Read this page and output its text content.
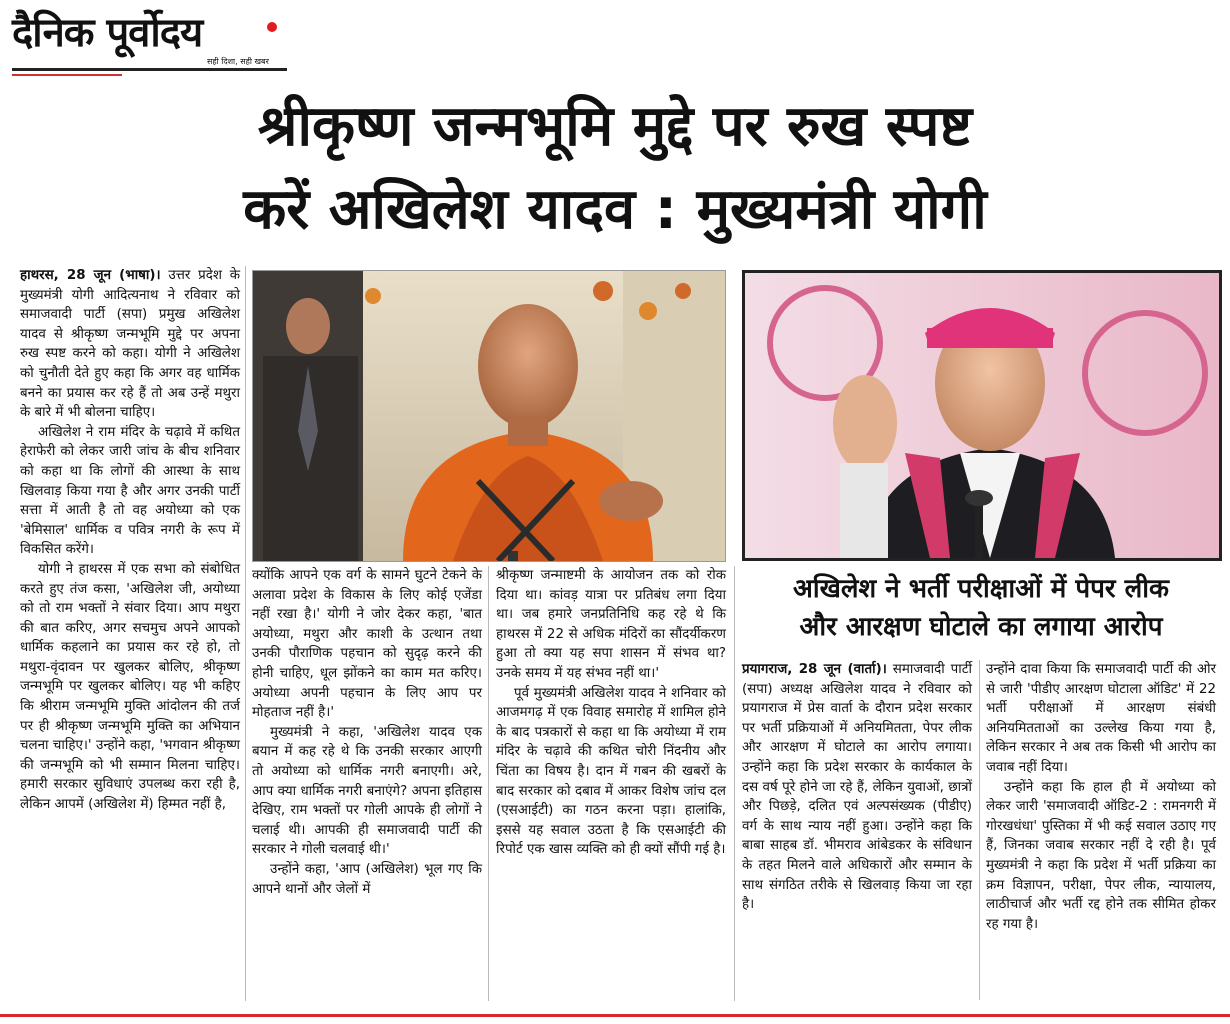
दैनिक पूर्वोदय
सही दिशा, सही खबर
श्रीकृष्ण जन्मभूमि मुद्दे पर रुख स्पष्ट
करें अखिलेश यादव : मुख्यमंत्री योगी

हाथरस, 28 जून (भाषा)। उत्तर प्रदेश के मुख्यमंत्री योगी आदित्यनाथ ने रविवार को समाजवादी पार्टी (सपा) प्रमुख अखिलेश यादव से श्रीकृष्ण जन्मभूमि मुद्दे पर अपना रुख स्पष्ट करने को कहा। योगी ने अखिलेश को चुनौती देते हुए कहा कि अगर वह धार्मिक बनने का प्रयास कर रहे हैं तो अब उन्हें मथुरा के बारे में भी बोलना चाहिए।

अखिलेश ने राम मंदिर के चढ़ावे में कथित हेराफेरी को लेकर जारी जांच के बीच शनिवार को कहा था कि लोगों की आस्था के साथ खिलवाड़ किया गया है और अगर उनकी पार्टी सत्ता में आती है तो वह अयोध्या को एक 'बेमिसाल' धार्मिक व पवित्र नगरी के रूप में विकसित करेंगे।

योगी ने हाथरस में एक सभा को संबोधित करते हुए तंज कसा, 'अखिलेश जी, अयोध्या को तो राम भक्तों ने संवार दिया। आप मथुरा की बात करिए, अगर सचमुच अपने आपको धार्मिक कहलाने का प्रयास कर रहे हो, तो मथुरा-वृंदावन पर खुलकर बोलिए, श्रीकृष्ण जन्मभूमि पर खुलकर बोलिए। यह भी कहिए कि श्रीराम जन्मभूमि मुक्ति आंदोलन की तर्ज पर ही श्रीकृष्ण जन्मभूमि मुक्ति का अभियान चलना चाहिए।' उन्होंने कहा, 'भगवान श्रीकृष्ण की जन्मभूमि को भी सम्मान मिलना चाहिए। हमारी सरकार सुविधाएं उपलब्ध करा रही है, लेकिन आपमें (अखिलेश में) हिम्मत नहीं है,

क्योंकि आपने एक वर्ग के सामने घुटने टेकने के अलावा प्रदेश के विकास के लिए कोई एजेंडा नहीं रखा है।' योगी ने जोर देकर कहा, 'बात अयोध्या, मथुरा और काशी के उत्थान तथा उनकी पौराणिक पहचान को सुदृढ़ करने की होनी चाहिए, धूल झोंकने का काम मत करिए। अयोध्या अपनी पहचान के लिए आप पर मोहताज नहीं है।'

मुख्यमंत्री ने कहा, 'अखिलेश यादव एक बयान में कह रहे थे कि उनकी सरकार आएगी तो अयोध्या को धार्मिक नगरी बनाएगी। अरे, आप क्या धार्मिक नगरी बनाएंगे? अपना इतिहास देखिए, राम भक्तों पर गोली आपके ही लोगों ने चलाई थी। आपकी ही समाजवादी पार्टी की सरकार ने गोली चलवाई थी।'

उन्होंने कहा, 'आप (अखिलेश) भूल गए कि आपने थानों और जेलों में

श्रीकृष्ण जन्माष्टमी के आयोजन तक को रोक दिया था। कांवड़ यात्रा पर प्रतिबंध लगा दिया था। जब हमारे जनप्रतिनिधि कह रहे थे कि हाथरस में 22 से अधिक मंदिरों का सौंदर्यीकरण हुआ तो क्या यह सपा शासन में संभव था? उनके समय में यह संभव नहीं था।'

पूर्व मुख्यमंत्री अखिलेश यादव ने शनिवार को आजमगढ़ में एक विवाह समारोह में शामिल होने के बाद पत्रकारों से कहा था कि अयोध्या में राम मंदिर के चढ़ावे की कथित चोरी निंदनीय और चिंता का विषय है। दान में गबन की खबरों के बाद सरकार को दबाव में आकर विशेष जांच दल (एसआईटी) का गठन करना पड़ा। हालांकि, इससे यह सवाल उठता है कि एसआईटी की रिपोर्ट एक खास व्यक्ति को ही क्यों सौंपी गई है।

अखिलेश ने भर्ती परीक्षाओं में पेपर लीक
और आरक्षण घोटाले का लगाया आरोप

प्रयागराज, 28 जून (वार्ता)। समाजवादी पार्टी (सपा) अध्यक्ष अखिलेश यादव ने रविवार को प्रयागराज में प्रेस वार्ता के दौरान प्रदेश सरकार पर भर्ती प्रक्रियाओं में अनियमितता, पेपर लीक और आरक्षण में घोटाले का आरोप लगाया। उन्होंने कहा कि प्रदेश सरकार के कार्यकाल के दस वर्ष पूरे होने जा रहे हैं, लेकिन युवाओं, छात्रों और पिछड़े, दलित एवं अल्पसंख्यक (पीडीए) वर्ग के साथ न्याय नहीं हुआ। उन्होंने कहा कि बाबा साहब डॉ. भीमराव आंबेडकर के संविधान के तहत मिलने वाले अधिकारों और सम्मान के साथ संगठित तरीके से खिलवाड़ किया जा रहा है।

उन्होंने दावा किया कि समाजवादी पार्टी की ओर से जारी 'पीडीए आरक्षण घोटाला ऑडिट' में 22 भर्ती परीक्षाओं में आरक्षण संबंधी अनियमितताओं का उल्लेख किया गया है, लेकिन सरकार ने अब तक किसी भी आरोप का जवाब नहीं दिया।

उन्होंने कहा कि हाल ही में अयोध्या को लेकर जारी 'समाजवादी ऑडिट-2 : रामनगरी में गोरखधंधा' पुस्तिका में भी कई सवाल उठाए गए हैं, जिनका जवाब सरकार नहीं दे रही है। पूर्व मुख्यमंत्री ने कहा कि प्रदेश में भर्ती प्रक्रिया का क्रम विज्ञापन, परीक्षा, पेपर लीक, न्यायालय, लाठीचार्ज और भर्ती रद्द होने तक सीमित होकर रह गया है।
